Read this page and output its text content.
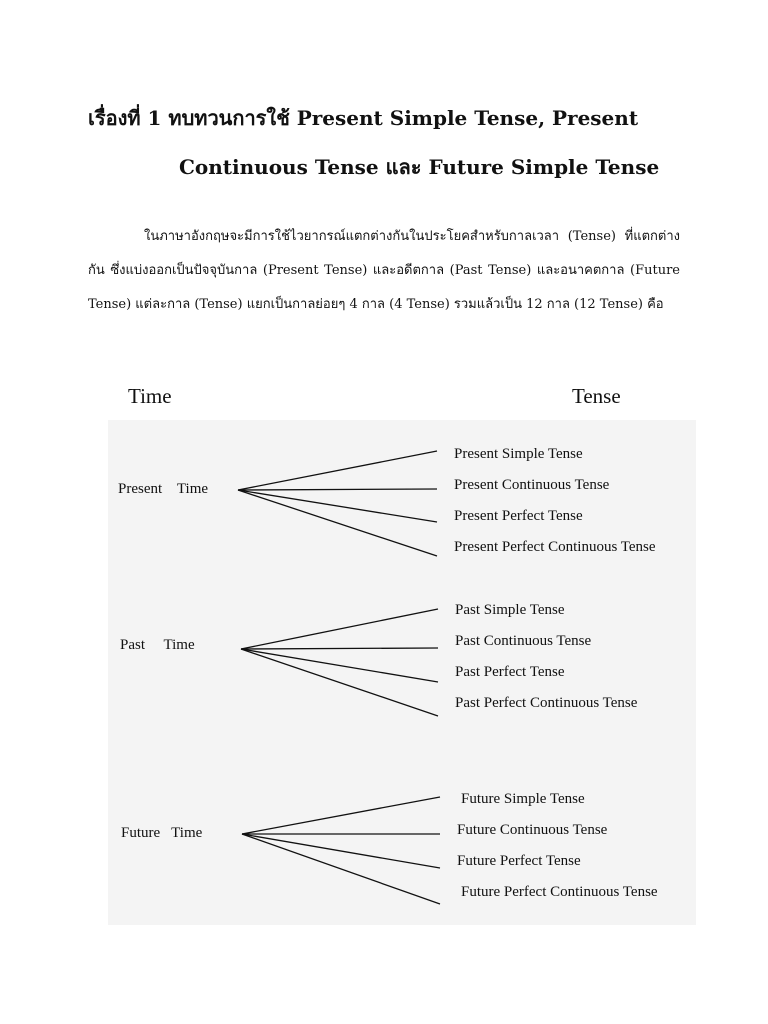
เรื่องที่ 1 ทบทวนการใช้ Present Simple Tense, Present
Continuous Tense และ Future Simple Tense

ในภาษาอังกฤษจะมีการใช้ไวยากรณ์แตกต่างกันในประโยคสำหรับกาลเวลา (Tense) ที่แตกต่างกัน ซึ่งแบ่งออกเป็นปัจจุบันกาล (Present Tense) และอดีตกาล (Past Tense) และอนาคตกาล (Future Tense) แต่ละกาล (Tense) แยกเป็นกาลย่อยๆ 4 กาล (4 Tense) รวมแล้วเป็น 12 กาล (12 Tense) คือ

Time	Tense
Present    Time
Past     Time
Future   Time
Present Simple Tense
Present Continuous Tense
Present Perfect Tense
Present Perfect Continuous Tense
Past Simple Tense
Past Continuous Tense
Past Perfect Tense
Past Perfect Continuous Tense
Future Simple Tense
Future Continuous Tense
Future Perfect Tense
Future Perfect Continuous Tense
